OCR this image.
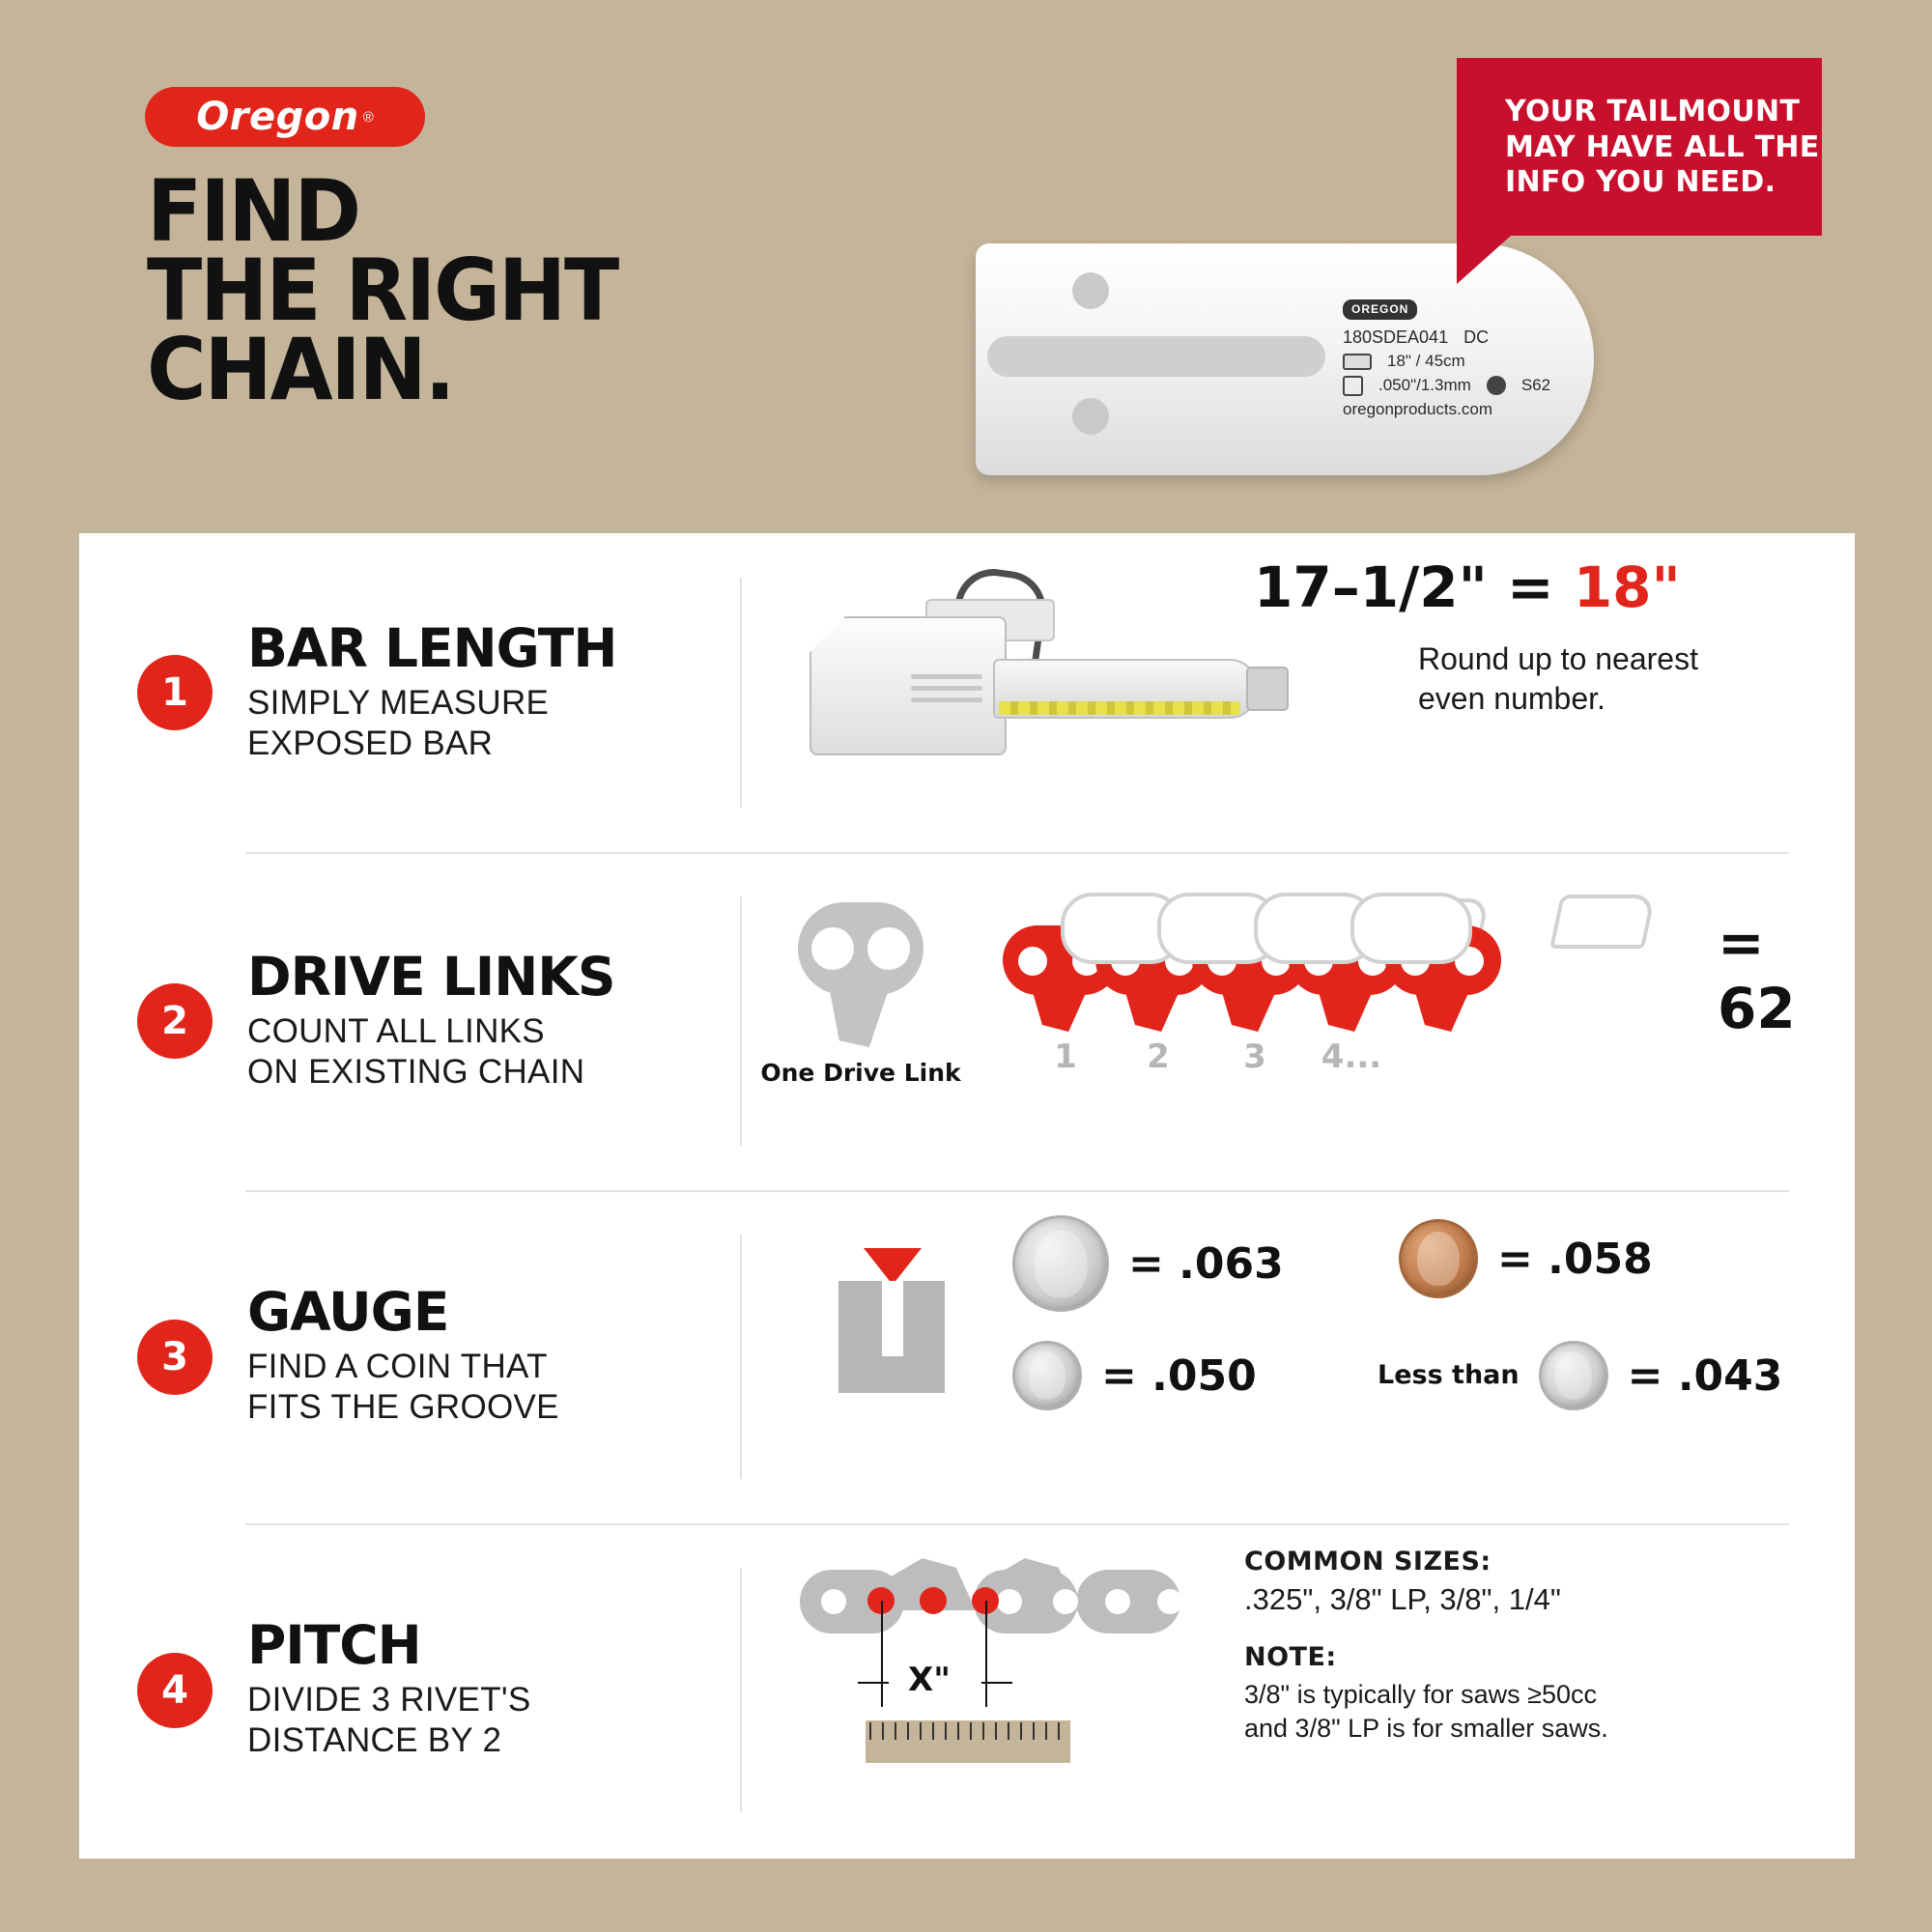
Oregon ®
FIND
THE RIGHT
CHAIN.
OREGON
180SDEA041 DC
18" / 45cm
.050"/1.3mm	S62
oregonproducts.com
YOUR TAILMOUNT MAY HAVE ALL THE INFO YOU NEED.
1
BAR LENGTH
SIMPLY MEASURE
EXPOSED BAR
17–1/2" = 18"
Round up to nearest even number.
2
DRIVE LINKS
COUNT ALL LINKS
ON EXISTING CHAIN	One Drive Link	1	2	3	4...
= 62
3
GAUGE
FIND A COIN THAT
FITS THE GROOVE
= .063	= .058
= .050	Less than	= .043
4
PITCH
DIVIDE 3 RIVET'S
DISTANCE BY 2
X"
COMMON SIZES:
.325", 3/8" LP, 3/8", 1/4"
NOTE:
3/8" is typically for saws ≥50cc
and 3/8" LP is for smaller saws.
